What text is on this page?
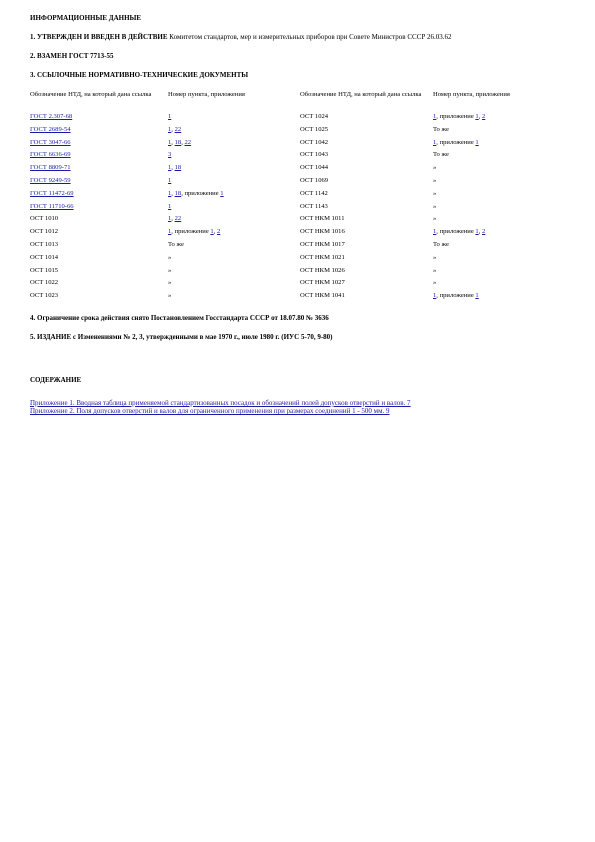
ИНФОРМАЦИОННЫЕ ДАННЫЕ
1. УТВЕРЖДЕН И ВВЕДЕН В ДЕЙСТВИЕ Комитетом стандартов, мер и измерительных приборов при Совете Министров СССР 26.03.62
2. ВЗАМЕН ГОСТ 7713-55
3. ССЫЛОЧНЫЕ НОРМАТИВНО-ТЕХНИЧЕСКИЕ ДОКУМЕНТЫ
Обозначение НТД, на который дана ссылка	Номер пункта, приложения	Обозначение НТД, на который дана ссылка	Номер пункта, приложения
ГОСТ 2.307-68	1	ОСТ 1024	1, приложение 1, 2
ГОСТ 2689-54	1, 22	ОСТ 1025	То же
ГОСТ 3047-66	1, 18, 22	ОСТ 1042	1, приложение 1
ГОСТ 6636-69	3	ОСТ 1043	То же
ГОСТ 8809-71	1, 18	ОСТ 1044	»
ГОСТ 9249-59	1	ОСТ 1069	»
ГОСТ 11472-69	1, 18, приложение 1	ОСТ 1142	»
ГОСТ 11710-66	1	ОСТ 1143	»
ОСТ 1010	1, 22	ОСТ НКМ 1011	»
ОСТ 1012	1, приложение 1, 2	ОСТ НКМ 1016	1, приложение 1, 2
ОСТ 1013	То же	ОСТ НКМ 1017	То же
ОСТ 1014	»	ОСТ НКМ 1021	»
ОСТ 1015	»	ОСТ НКМ 1026	»
ОСТ 1022	»	ОСТ НКМ 1027	»
ОСТ 1023	»	ОСТ НКМ 1041	1, приложение 1
4. Ограничение срока действия снято Постановлением Госстандарта СССР от 18.07.80 № 3636
5. ИЗДАНИЕ с Изменениями № 2, 3, утвержденными в мае 1970 г., июле 1980 г. (ИУС 5-70, 9-80)
СОДЕРЖАНИЕ
Приложение 1. Вводная таблица применяемой стандартизованных посадок и обозначений полей допусков отверстий и валов. 7
Приложение 2. Поля допусков отверстий и валов для ограниченного применения при размерах соединений 1 - 500 мм. 9
